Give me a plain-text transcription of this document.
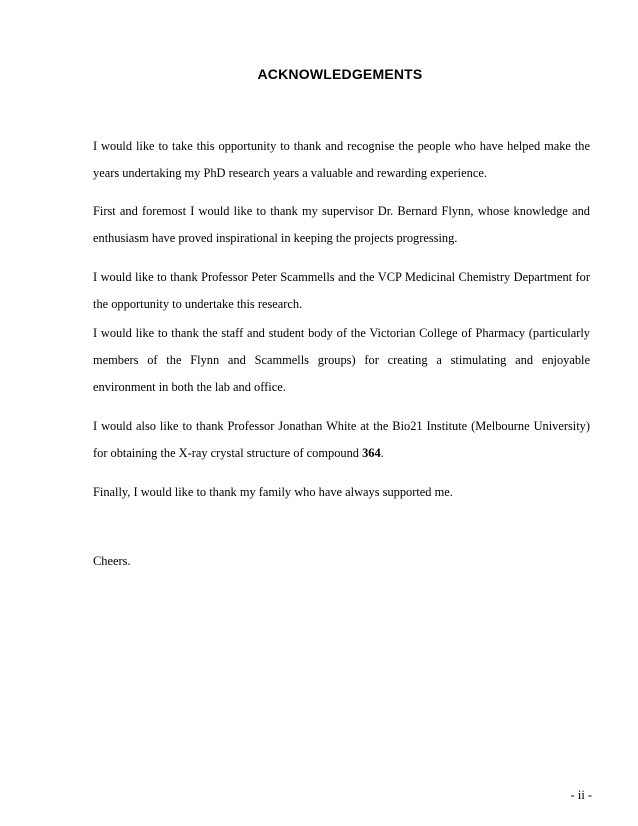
ACKNOWLEDGEMENTS

I would like to take this opportunity to thank and recognise the people who have helped make the years undertaking my PhD research years a valuable and rewarding experience.

First and foremost I would like to thank my supervisor Dr. Bernard Flynn, whose knowledge and enthusiasm have proved inspirational in keeping the projects progressing.

I would like to thank Professor Peter Scammells and the VCP Medicinal Chemistry Department for the opportunity to undertake this research.

I would like to thank the staff and student body of the Victorian College of Pharmacy (particularly
members of the Flynn and Scammells groups) for creating a stimulating and enjoyable
environment in both the lab and office.

I would also like to thank Professor Jonathan White at the Bio21 Institute (Melbourne University) for obtaining the X-ray crystal structure of compound 364.

Finally, I would like to thank my family who have always supported me.

Cheers.

- ii -
